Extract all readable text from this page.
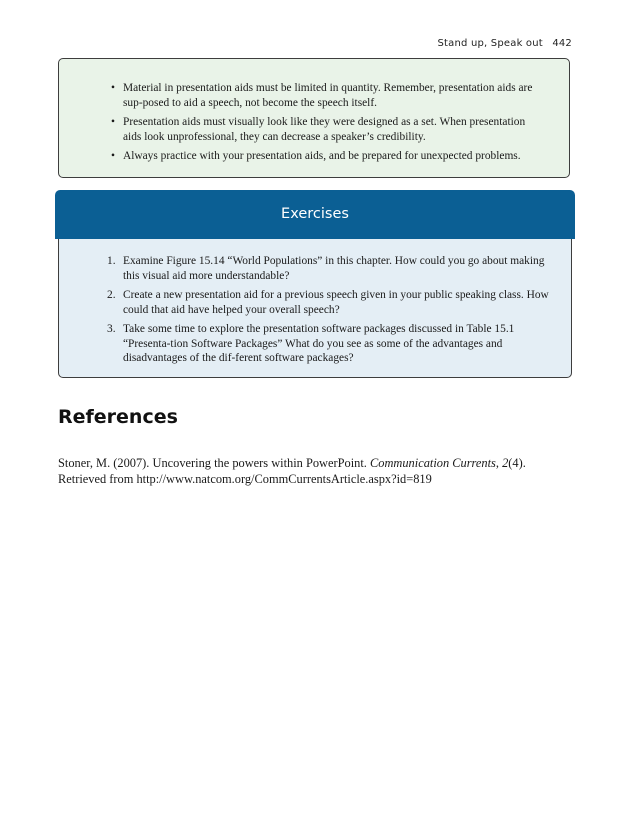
Stand up, Speak out 442
• Material in presentation aids must be limited in quantity. Remember, presentation aids are sup-posed to aid a speech, not become the speech itself.
• Presentation aids must visually look like they were designed as a set. When presentation aids look unprofessional, they can decrease a speaker’s credibility.
• Always practice with your presentation aids, and be prepared for unexpected problems.
Exercises
1. Examine Figure 15.14 “World Populations” in this chapter. How could you go about making this visual aid more understandable?
2. Create a new presentation aid for a previous speech given in your public speaking class. How could that aid have helped your overall speech?
3. Take some time to explore the presentation software packages discussed in Table 15.1 “Presenta-tion Software Packages” What do you see as some of the advantages and disadvantages of the dif-ferent software packages?
References
Stoner, M. (2007). Uncovering the powers within PowerPoint. Communication Currents, 2(4). Retrieved from http://www.natcom.org/CommCurrentsArticle.aspx?id=819
